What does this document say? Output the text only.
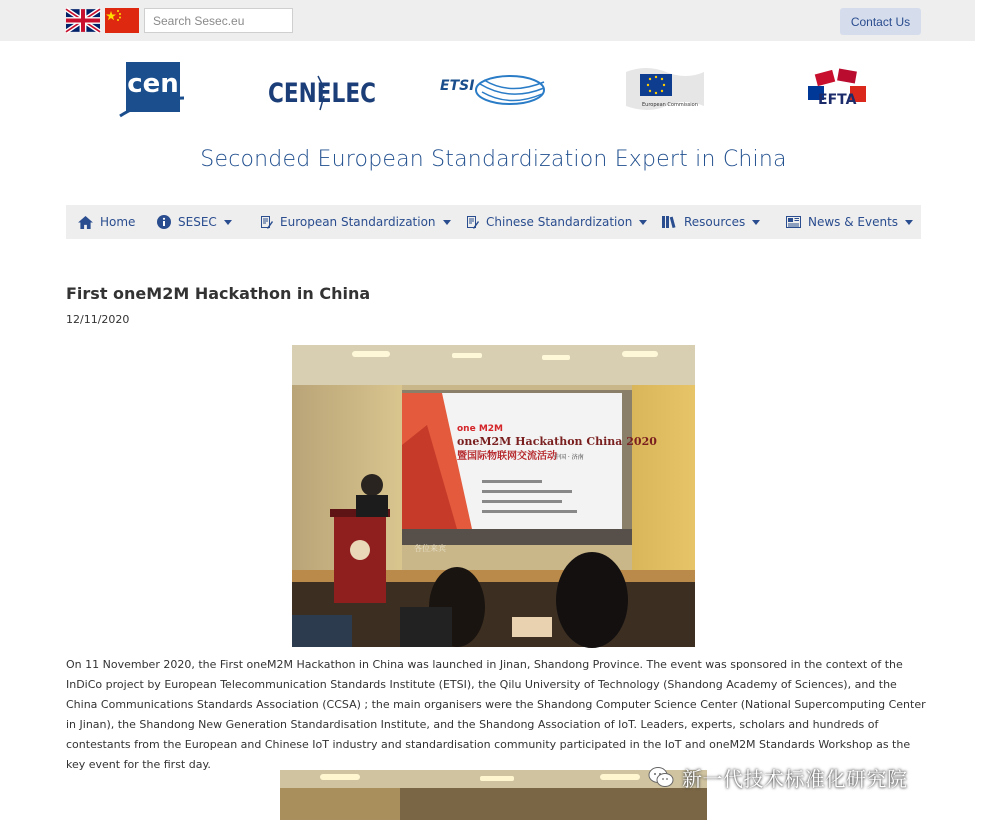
Search Sesec.eu
Contact Us
cen	CENELEC	ETSI
European Commission	EFTA
Seconded European Standardization Expert in China
Home	SESEC	European Standardization	Chinese Standardization	Resources	News & Events
First oneM2M Hackathon in China
12/11/2020
one M2M
oneM2M Hackathon China 2020
暨国际物联网交流活动
中国 · 济南
各位来宾

On 11 November 2020, the First oneM2M Hackathon in China was launched in Jinan, Shandong Province. The event was sponsored in the context of the InDiCo project by European Telecommunication Standards Institute (ETSI), the Qilu University of Technology (Shandong Academy of Sciences), and the China Communications Standards Association (CCSA) ; the main organisers were the Shandong Computer Science Center (National Supercomputing Center in Jinan), the Shandong New Generation Standardisation Institute, and the Shandong Association of IoT. Leaders, experts, scholars and hundreds of contestants from the European and Chinese IoT industry and standardisation community participated in the IoT and oneM2M Standards Workshop as the key event for the first day.

新一代技术标准化研究院
